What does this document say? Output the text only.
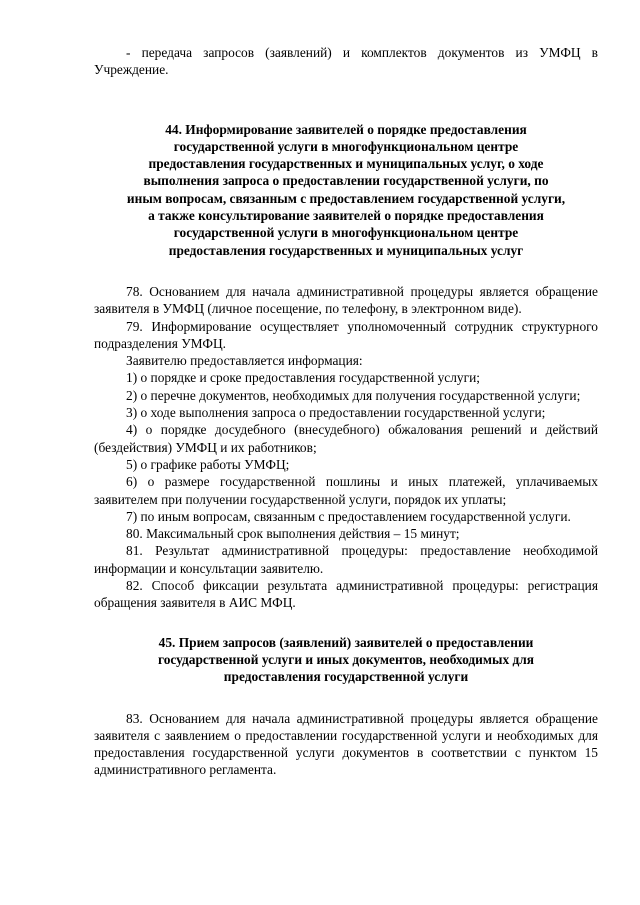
- передача запросов (заявлений) и комплектов документов из УМФЦ в Учреждение.

44. Информирование заявителей о порядке предоставления государственной услуги в многофункциональном центре предоставления государственных и муниципальных услуг, о ходе выполнения запроса о предоставлении государственной услуги, по иным вопросам, связанным с предоставлением государственной услуги, а также консультирование заявителей о порядке предоставления государственной услуги в многофункциональном центре предоставления государственных и муниципальных услуг

78. Основанием для начала административной процедуры является обращение заявителя в УМФЦ (личное посещение, по телефону, в электронном виде).

79. Информирование осуществляет уполномоченный сотрудник структурного подразделения УМФЦ.

Заявителю предоставляется информация:

1) о порядке и сроке предоставления государственной услуги;

2) о перечне документов, необходимых для получения государственной услуги;

3) о ходе выполнения запроса о предоставлении государственной услуги;

4) о порядке досудебного (внесудебного) обжалования решений и действий (бездействия) УМФЦ и их работников;

5) о графике работы УМФЦ;

6) о размере государственной пошлины и иных платежей, уплачиваемых заявителем при получении государственной услуги, порядок их уплаты;

7) по иным вопросам, связанным с предоставлением государственной услуги.

80. Максимальный срок выполнения действия – 15 минут;

81. Результат административной процедуры: предоставление необходимой информации и консультации заявителю.

82. Способ фиксации результата административной процедуры: регистрация обращения заявителя в АИС МФЦ.

45. Прием запросов (заявлений) заявителей о предоставлении государственной услуги и иных документов, необходимых для предоставления государственной услуги

83. Основанием для начала административной процедуры является обращение заявителя с заявлением о предоставлении государственной услуги и необходимых для предоставления государственной услуги документов в соответствии с пунктом 15 административного регламента.
